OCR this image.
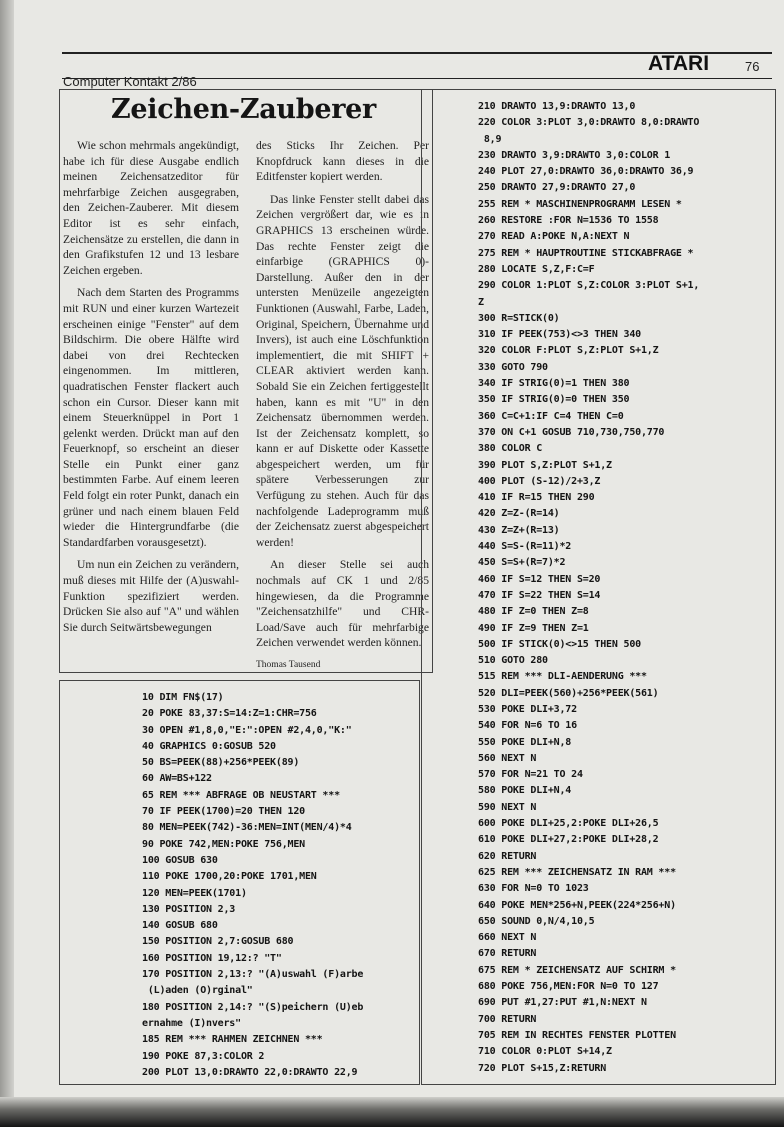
ATARI	76
Computer Kontakt 2/86
Zeichen-Zauberer

Wie schon mehrmals angekündigt, habe ich für diese Ausgabe endlich meinen Zeichensatzeditor für mehrfarbige Zeichen ausgegraben, den Zeichen-Zauberer. Mit diesem Editor ist es sehr einfach, Zeichensätze zu erstellen, die dann in den Grafikstufen 12 und 13 lesbare Zeichen ergeben.

Nach dem Starten des Programms mit RUN und einer kurzen Wartezeit erscheinen einige "Fenster" auf dem Bildschirm. Die obere Hälfte wird dabei von drei Rechtecken eingenommen. Im mittleren, quadratischen Fenster flackert auch schon ein Cursor. Dieser kann mit einem Steuerknüppel in Port 1 gelenkt werden. Drückt man auf den Feuerknopf, so erscheint an dieser Stelle ein Punkt einer ganz bestimmten Farbe. Auf einem leeren Feld folgt ein roter Punkt, danach ein grüner und nach einem blauen Feld wieder die Hintergrundfarbe (die Standardfarben vorausgesetzt).

Um nun ein Zeichen zu verändern, muß dieses mit Hilfe der (A)uswahl-Funktion spezifiziert werden. Drücken Sie also auf "A" und wählen Sie durch Seitwärtsbewegungen

des Sticks Ihr Zeichen. Per Knopfdruck kann dieses in die Editfenster kopiert werden.

Das linke Fenster stellt dabei das Zeichen vergrößert dar, wie es in GRAPHICS 13 erscheinen würde. Das rechte Fenster zeigt die einfarbige (GRAPHICS 0)-Darstellung. Außer den in der untersten Menüzeile angezeigten Funktionen (Auswahl, Farbe, Laden, Original, Speichern, Übernahme und Invers), ist auch eine Löschfunktion implementiert, die mit SHIFT + CLEAR aktiviert werden kann. Sobald Sie ein Zeichen fertiggestellt haben, kann es mit "U" in den Zeichensatz übernommen werden. Ist der Zeichensatz komplett, so kann er auf Diskette oder Kassette abgespeichert werden, um für spätere Verbesserungen zur Verfügung zu stehen. Auch für das nachfolgende Ladeprogramm muß der Zeichensatz zuerst abgespeichert werden!

An dieser Stelle sei auch nochmals auf CK 1 und 2/85 hingewiesen, da die Programme "Zeichensatzhilfe" und CHR-Load/Save auch für mehrfarbige Zeichen verwendet werden können.

Thomas Tausend

210 DRAWTO 13,9:DRAWTO 13,0
220 COLOR 3:PLOT 3,0:DRAWTO 8,0:DRAWTO
8,9
230 DRAWTO 3,9:DRAWTO 3,0:COLOR 1
240 PLOT 27,0:DRAWTO 36,0:DRAWTO 36,9
250 DRAWTO 27,9:DRAWTO 27,0
255 REM * MASCHINENPROGRAMM LESEN *
260 RESTORE :FOR N=1536 TO 1558
270 READ A:POKE N,A:NEXT N
275 REM * HAUPTROUTINE STICKABFRAGE *
280 LOCATE S,Z,F:C=F
290 COLOR 1:PLOT S,Z:COLOR 3:PLOT S+1,
Z
300 R=STICK(0)
310 IF PEEK(753)<>3 THEN 340
320 COLOR F:PLOT S,Z:PLOT S+1,Z
330 GOTO 790
340 IF STRIG(0)=1 THEN 380
350 IF STRIG(0)=0 THEN 350
360 C=C+1:IF C=4 THEN C=0
370 ON C+1 GOSUB 710,730,750,770
380 COLOR C
390 PLOT S,Z:PLOT S+1,Z
400 PLOT (S-12)/2+3,Z
410 IF R=15 THEN 290
420 Z=Z-(R=14)
430 Z=Z+(R=13)
440 S=S-(R=11)*2
450 S=S+(R=7)*2
460 IF S=12 THEN S=20
470 IF S=22 THEN S=14
480 IF Z=0 THEN Z=8
490 IF Z=9 THEN Z=1
500 IF STICK(0)<>15 THEN 500
510 GOTO 280
515 REM *** DLI-AENDERUNG ***
520 DLI=PEEK(560)+256*PEEK(561)
530 POKE DLI+3,72
540 FOR N=6 TO 16
550 POKE DLI+N,8
560 NEXT N
570 FOR N=21 TO 24
580 POKE DLI+N,4
590 NEXT N
600 POKE DLI+25,2:POKE DLI+26,5
610 POKE DLI+27,2:POKE DLI+28,2
620 RETURN
625 REM *** ZEICHENSATZ IN RAM ***
630 FOR N=0 TO 1023
640 POKE MEN*256+N,PEEK(224*256+N)
650 SOUND 0,N/4,10,5
660 NEXT N
670 RETURN
675 REM * ZEICHENSATZ AUF SCHIRM *
680 POKE 756,MEN:FOR N=0 TO 127
690 PUT #1,27:PUT #1,N:NEXT N
700 RETURN
705 REM IN RECHTES FENSTER PLOTTEN
710 COLOR 0:PLOT S+14,Z
720 PLOT S+15,Z:RETURN
10 DIM FN$(17)
20 POKE 83,37:S=14:Z=1:CHR=756
30 OPEN #1,8,0,"E:":OPEN #2,4,0,"K:"
40 GRAPHICS 0:GOSUB 520
50 BS=PEEK(88)+256*PEEK(89)
60 AW=BS+122
65 REM *** ABFRAGE OB NEUSTART ***
70 IF PEEK(1700)=20 THEN 120
80 MEN=PEEK(742)-36:MEN=INT(MEN/4)*4
90 POKE 742,MEN:POKE 756,MEN
100 GOSUB 630
110 POKE 1700,20:POKE 1701,MEN
120 MEN=PEEK(1701)
130 POSITION 2,3
140 GOSUB 680
150 POSITION 2,7:GOSUB 680
160 POSITION 19,12:? "T"
170 POSITION 2,13:? "(A)uswahl (F)arbe
(L)aden (O)rginal"
180 POSITION 2,14:? "(S)peichern (U)eb
ernahme (I)nvers"
185 REM *** RAHMEN ZEICHNEN ***
190 POKE 87,3:COLOR 2
200 PLOT 13,0:DRAWTO 22,0:DRAWTO 22,9
